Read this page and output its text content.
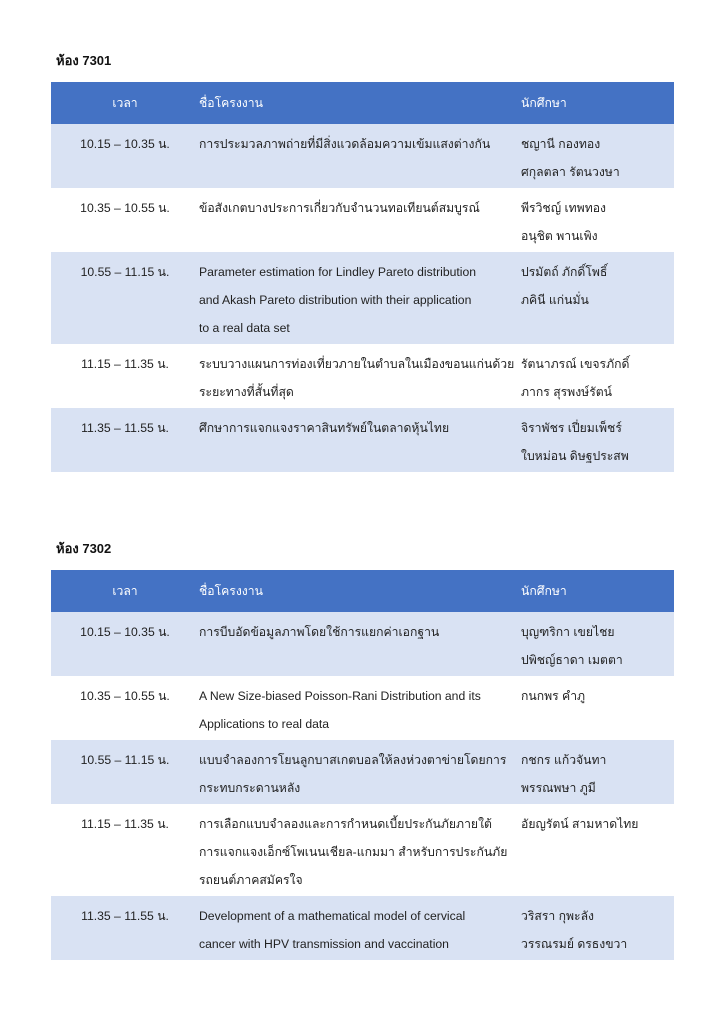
ห้อง 7301
เวลา	ชื่อโครงงาน	นักศึกษา
10.15 – 10.35 น.	การประมวลภาพถ่ายที่มีสิ่งแวดล้อมความเข้มแสงต่างกัน	ชญานี กองทอง
ศกุลตลา รัตนวงษา

10.35 – 10.55 น.	ข้อสังเกตบางประการเกี่ยวกับจำนวนทอเทียนต์สมบูรณ์	พีรวิชญ์ เทพทอง
อนุชิต พานเพิง

10.55 – 11.15 น.	Parameter estimation for Lindley Pareto distribution
and Akash Pareto distribution with their application
to a real data set	ปรมัตถ์ ภักดิ์โพธิ์
ภคินี แก่นมั่น

11.15 – 11.35 น.	ระบบวางแผนการท่องเที่ยวภายในตำบลในเมืองขอนแก่นด้วย
ระยะทางที่สั้นที่สุด	รัตนาภรณ์ เขจรภักดิ์
ภากร สุรพงษ์รัตน์

11.35 – 11.55 น.	ศึกษาการแจกแจงราคาสินทรัพย์ในตลาดหุ้นไทย	จิราพัชร เปี่ยมเพ็ชร์
ใบหม่อน ดิษฐประสพ
ห้อง 7302
เวลา	ชื่อโครงงาน	นักศึกษา
10.15 – 10.35 น.	การบีบอัดข้อมูลภาพโดยใช้การแยกค่าเอกฐาน	บุญฑริกา เขยไชย
ปพิชญ์ธาดา เมตตา

10.35 – 10.55 น.	A New Size-biased Poisson-Rani Distribution and its
Applications to real data	กนกพร คำภู

10.55 – 11.15 น.	แบบจำลองการโยนลูกบาสเกตบอลให้ลงห่วงตาข่ายโดยการ
กระทบกระดานหลัง	กชกร แก้วจันทา
พรรณพษา ภูมี

11.15 – 11.35 น.	การเลือกแบบจำลองและการกำหนดเบี้ยประกันภัยภายใต้
การแจกแจงเอ็กซ์โพเนนเชียล-แกมมา สำหรับการประกันภัย
รถยนต์ภาคสมัครใจ	อัยญรัตน์ สามหาดไทย

11.35 – 11.55 น.	Development of a mathematical model of cervical
cancer with HPV transmission and vaccination	วริสรา กุพะลัง
วรรณรมย์ ดรธงขวา
